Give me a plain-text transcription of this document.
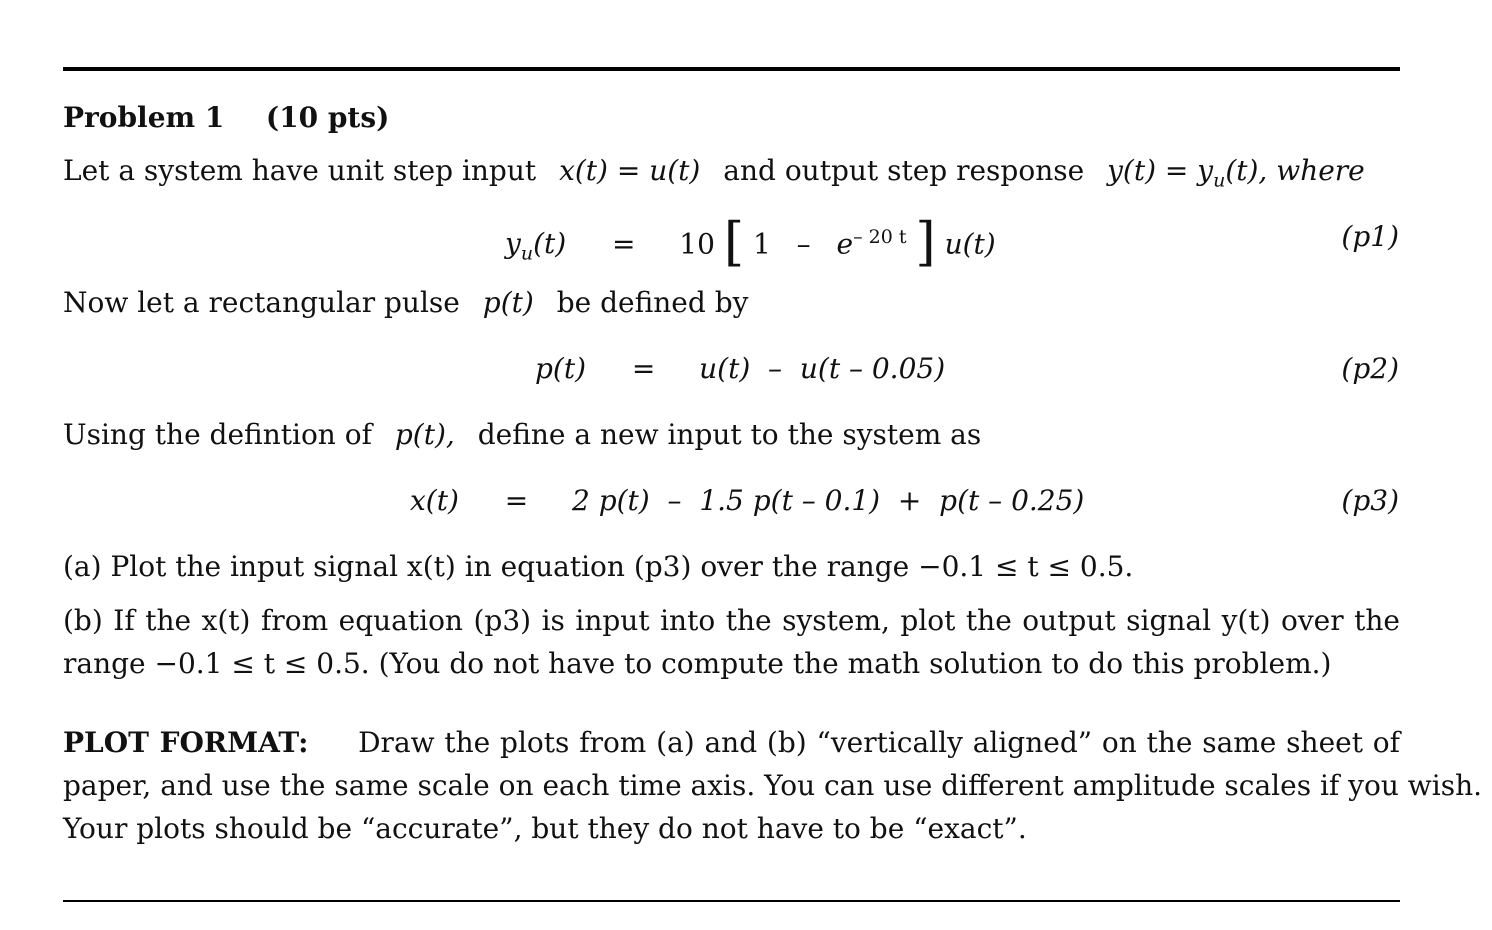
Problem 1 (10 pts)
Let a system have unit step input x(t) = u(t) and output step response $y(t) = y_u(t)$, where
$y_u(t) = 10$ [ $1 - e^{- 20 t}$ ] u(t)	(p1)
Now let a rectangular pulse p(t) be defined by
p(t) = u(t)  –  u(t – 0.05)	(p2)
Using the defintion of p(t), define a new input to the system as
x(t) = 2 p(t)  –  1.5 p(t – 0.1)  +  p(t – 0.25)	(p3)
(a) Plot the input signal x(t) in equation (p3) over the range −0.1 ≤ t ≤ 0.5.
(b) If the x(t) from equation (p3) is input into the system, plot the output signal y(t) over the
range −0.1 ≤ t ≤ 0.5. (You do not have to compute the math solution to do this problem.)
PLOT FORMAT: Draw the plots from (a) and (b) “vertically aligned” on the same sheet of
paper, and use the same scale on each time axis. You can use different amplitude scales if you wish.
Your plots should be “accurate”, but they do not have to be “exact”.
